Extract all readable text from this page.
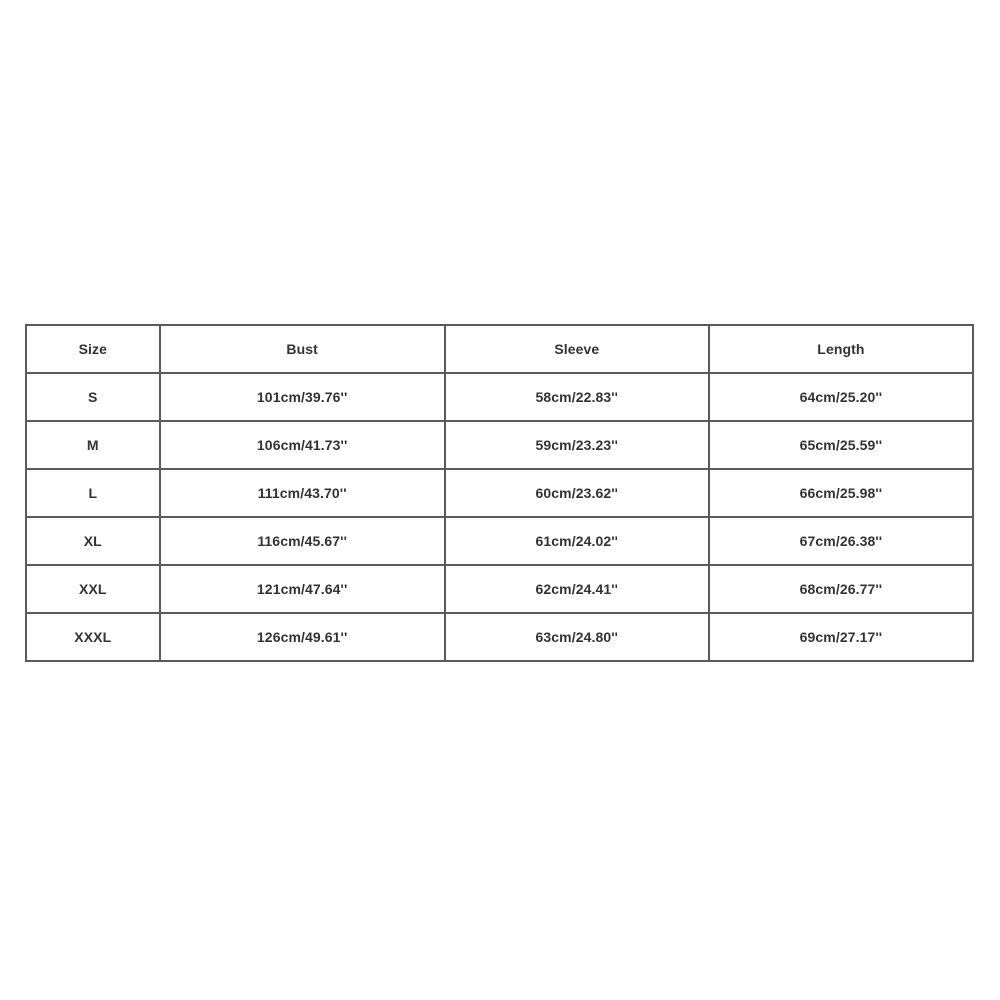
Size	Bust	Sleeve	Length
S	101cm/39.76''	58cm/22.83''	64cm/25.20''
M	106cm/41.73''	59cm/23.23''	65cm/25.59''
L	111cm/43.70''	60cm/23.62''	66cm/25.98''
XL	116cm/45.67''	61cm/24.02''	67cm/26.38''
XXL	121cm/47.64''	62cm/24.41''	68cm/26.77''
XXXL	126cm/49.61''	63cm/24.80''	69cm/27.17''
